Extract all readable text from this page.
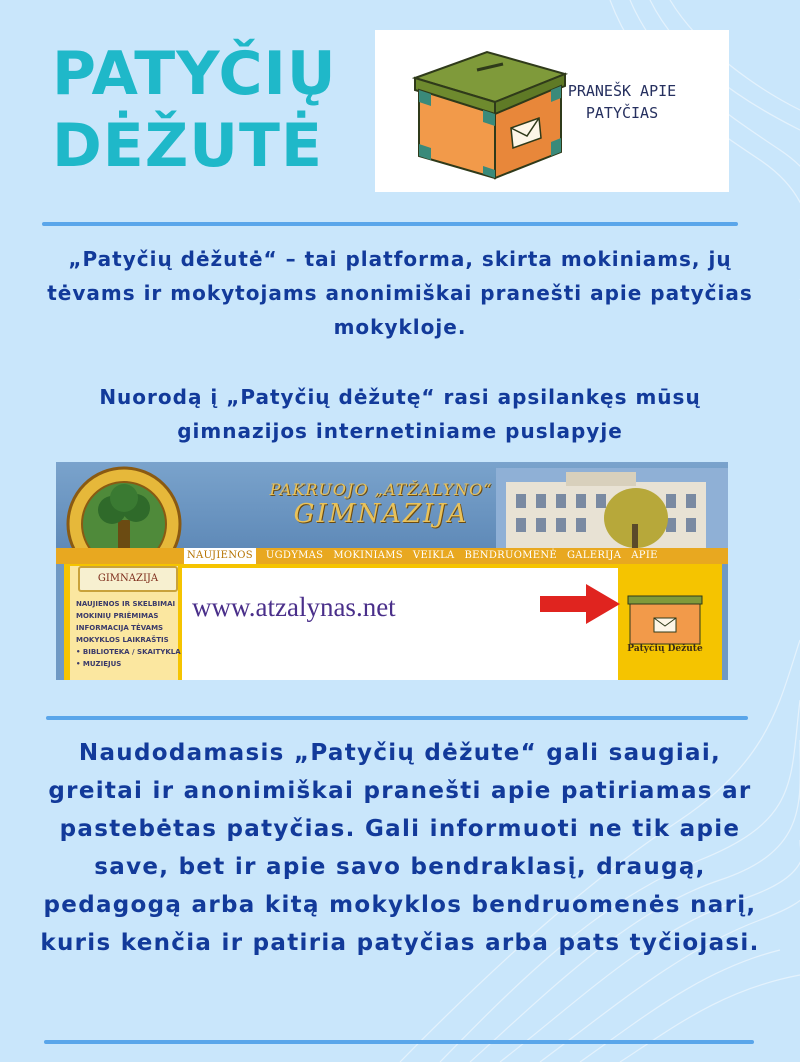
PATYČIŲ
DĖŽUTĖ
PRANEŠK APIE
PATYČIAS

„Patyčių dėžutė“ – tai platforma, skirta mokiniams, jų tėvams ir mokytojams anonimiškai pranešti apie patyčias mokykloje.

Nuorodą į „Patyčių dėžutę“ rasi apsilankęs mūsų gimnazijos internetiniame puslapyje

PAKRUOJO „ATŽALYNO“
GIMNAZIJA
NAUJIENOS	UGDYMAS MOKINIAMS VEIKLA BENDRUOMENĖ GALERIJA APIE
NAUJIENOS IR SKELBIMAI
MOKINIŲ PRIĖMIMAS
INFORMACIJA TĖVAMS
MOKYKLOS LAIKRAŠTIS
• BIBLIOTEKA / SKAITYKLA
• MUZIEJUS
GIMNAZIJA
www.atzalynas.net
Patyčių Dėžutė

Naudodamasis „Patyčių dėžute“ gali saugiai, greitai ir anonimiškai pranešti apie patiriamas ar pastebėtas patyčias. Gali informuoti ne tik apie save, bet ir apie savo bendraklasį, draugą, pedagogą arba kitą mokyklos bendruomenės narį, kuris kenčia ir patiria patyčias arba pats tyčiojasi.
